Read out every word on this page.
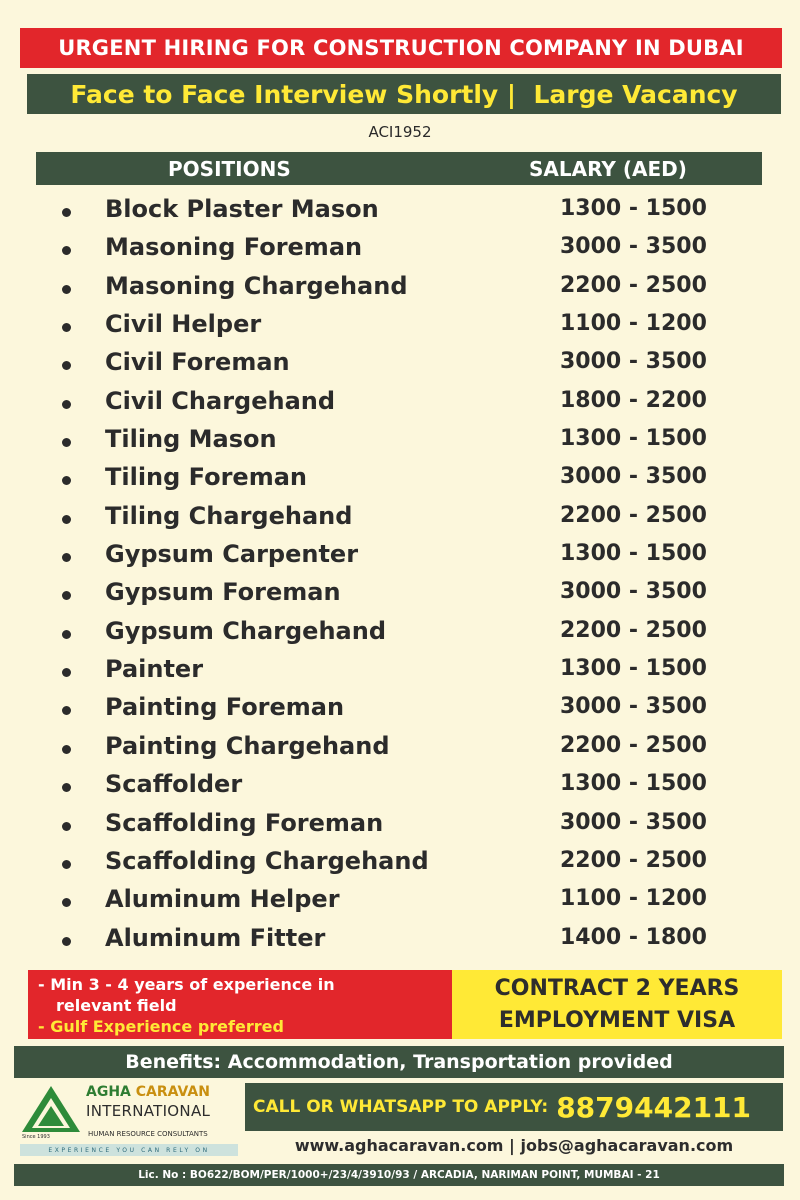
URGENT HIRING FOR CONSTRUCTION COMPANY IN DUBAI
Face to Face Interview Shortly |  Large Vacancy
ACI1952
POSITIONS	SALARY (AED)
Block Plaster Mason	1300 - 1500
Masoning Foreman	3000 - 3500
Masoning Chargehand	2200 - 2500
Civil Helper	1100 - 1200
Civil Foreman	3000 - 3500
Civil Chargehand	1800 - 2200
Tiling Mason	1300 - 1500
Tiling Foreman	3000 - 3500
Tiling Chargehand	2200 - 2500
Gypsum Carpenter	1300 - 1500
Gypsum Foreman	3000 - 3500
Gypsum Chargehand	2200 - 2500
Painter	1300 - 1500
Painting Foreman	3000 - 3500
Painting Chargehand	2200 - 2500
Scaffolder	1300 - 1500
Scaffolding Foreman	3000 - 3500
Scaffolding Chargehand	2200 - 2500
Aluminum Helper	1100 - 1200
Aluminum Fitter	1400 - 1800
- Min 3 - 4 years of experience in
relevant field
- Gulf Experience preferred
CONTRACT 2 YEARS
EMPLOYMENT VISA
Benefits: Accommodation, Transportation provided
AGHA CARAVAN
INTERNATIONAL
HUMAN RESOURCE CONSULTANTS
Since 1993
EXPERIENCE YOU CAN RELY ON
CALL OR WHATSAPP TO APPLY: 8879442111
www.aghacaravan.com | jobs@aghacaravan.com
Lic. No : BO622/BOM/PER/1000+/23/4/3910/93 / ARCADIA, NARIMAN POINT, MUMBAI - 21
